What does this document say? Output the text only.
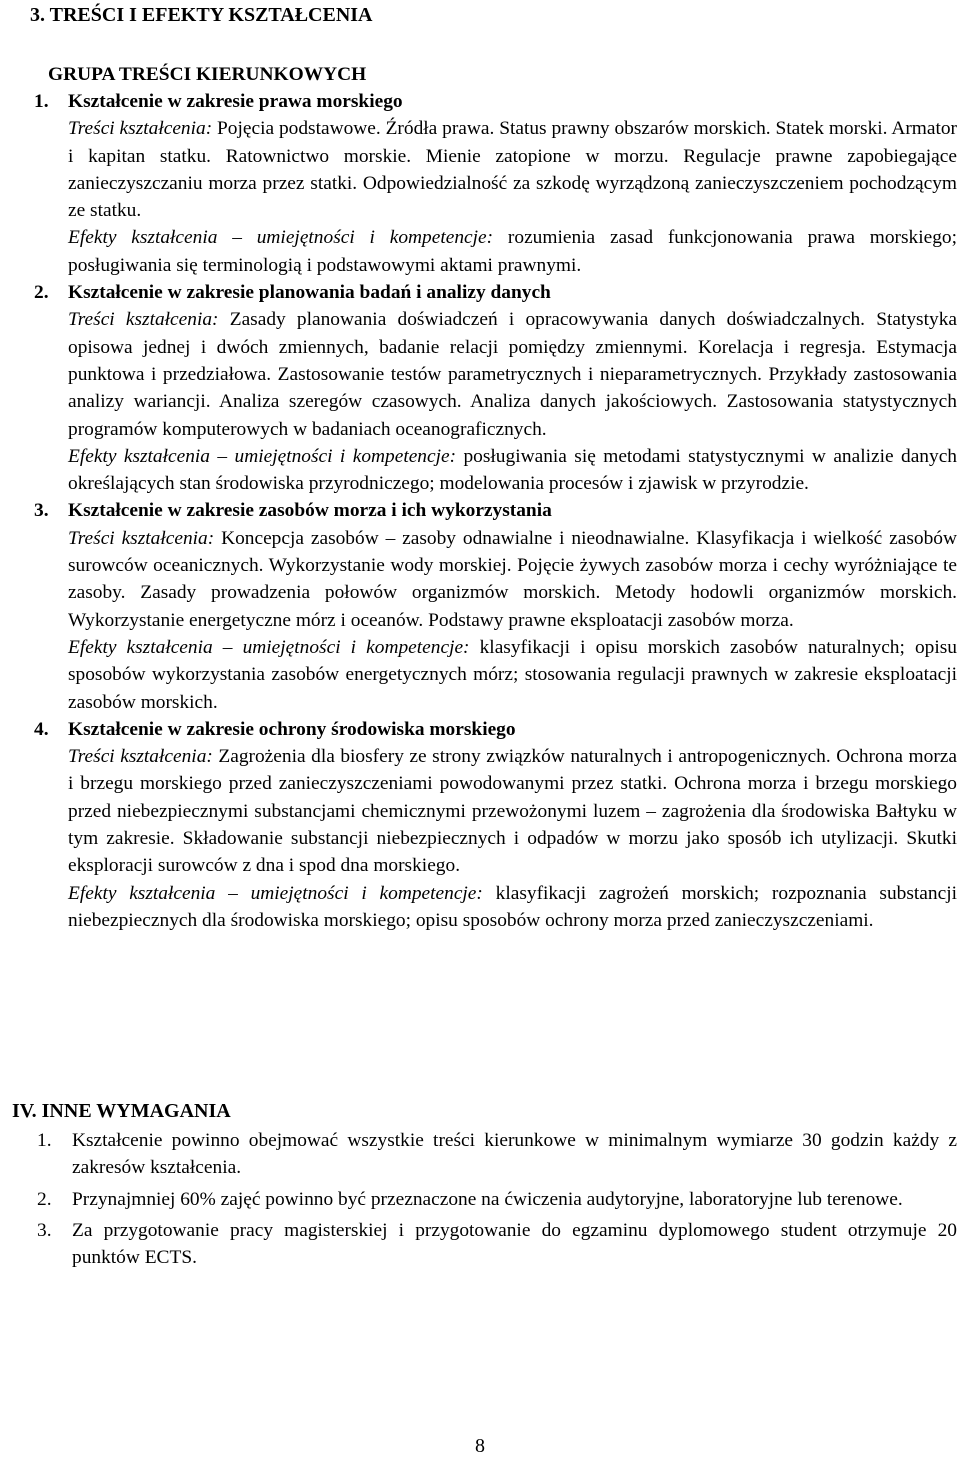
3. TREŚCI I EFEKTY KSZTAŁCENIA
GRUPA TREŚCI KIERUNKOWYCH
1.	Kształcenie w zakresie prawa morskiego
Treści kształcenia: Pojęcia podstawowe. Źródła prawa. Status prawny obszarów morskich. Statek morski. Armator i kapitan statku. Ratownictwo morskie. Mienie zatopione w morzu. Regulacje prawne zapobiegające zanieczyszczaniu morza przez statki. Odpowiedzialność za szkodę wyrządzoną zanieczyszczeniem pochodzącym ze statku.
Efekty kształcenia – umiejętności i kompetencje: rozumienia zasad funkcjonowania prawa morskiego; posługiwania się terminologią i podstawowymi aktami prawnymi.
2.	Kształcenie w zakresie planowania badań i analizy danych
Treści kształcenia: Zasady planowania doświadczeń i opracowywania danych doświadczalnych. Statystyka opisowa jednej i dwóch zmiennych, badanie relacji pomiędzy zmiennymi. Korelacja i regresja. Estymacja punktowa i przedziałowa. Zastosowanie testów parametrycznych i nieparametrycznych. Przykłady zastosowania analizy wariancji. Analiza szeregów czasowych. Analiza danych jakościowych. Zastosowania statystycznych programów komputerowych w badaniach oceanograficznych.
Efekty kształcenia – umiejętności i kompetencje: posługiwania się metodami statystycznymi w analizie danych określających stan środowiska przyrodniczego; modelowania procesów i zjawisk w przyrodzie.
3.	Kształcenie w zakresie zasobów morza i ich wykorzystania
Treści kształcenia: Koncepcja zasobów – zasoby odnawialne i nieodnawialne. Klasyfikacja i wielkość zasobów surowców oceanicznych. Wykorzystanie wody morskiej. Pojęcie żywych zasobów morza i cechy wyróżniające te zasoby. Zasady prowadzenia połowów organizmów morskich. Metody hodowli organizmów morskich. Wykorzystanie energetyczne mórz i oceanów. Podstawy prawne eksploatacji zasobów morza.
Efekty kształcenia – umiejętności i kompetencje: klasyfikacji i opisu morskich zasobów naturalnych; opisu sposobów wykorzystania zasobów energetycznych mórz; stosowania regulacji prawnych w zakresie eksploatacji zasobów morskich.
4.	Kształcenie w zakresie ochrony środowiska morskiego
Treści kształcenia: Zagrożenia dla biosfery ze strony związków naturalnych i antropogenicznych. Ochrona morza i brzegu morskiego przed zanieczyszczeniami powodowanymi przez statki. Ochrona morza i brzegu morskiego przed niebezpiecznymi substancjami chemicznymi przewożonymi luzem – zagrożenia dla środowiska Bałtyku w tym zakresie. Składowanie substancji niebezpiecznych i odpadów w morzu jako sposób ich utylizacji. Skutki eksploracji surowców z dna i spod dna morskiego.
Efekty kształcenia – umiejętności i kompetencje: klasyfikacji zagrożeń morskich; rozpoznania substancji niebezpiecznych dla środowiska morskiego; opisu sposobów ochrony morza przed zanieczyszczeniami.
IV. INNE WYMAGANIA
1. Kształcenie powinno obejmować wszystkie treści kierunkowe w minimalnym wymiarze 30 godzin każdy z zakresów kształcenia.
2. Przynajmniej 60% zajęć powinno być przeznaczone na ćwiczenia audytoryjne, laboratoryjne lub terenowe.
3. Za przygotowanie pracy magisterskiej i przygotowanie do egzaminu dyplomowego student otrzymuje 20 punktów ECTS.
8
